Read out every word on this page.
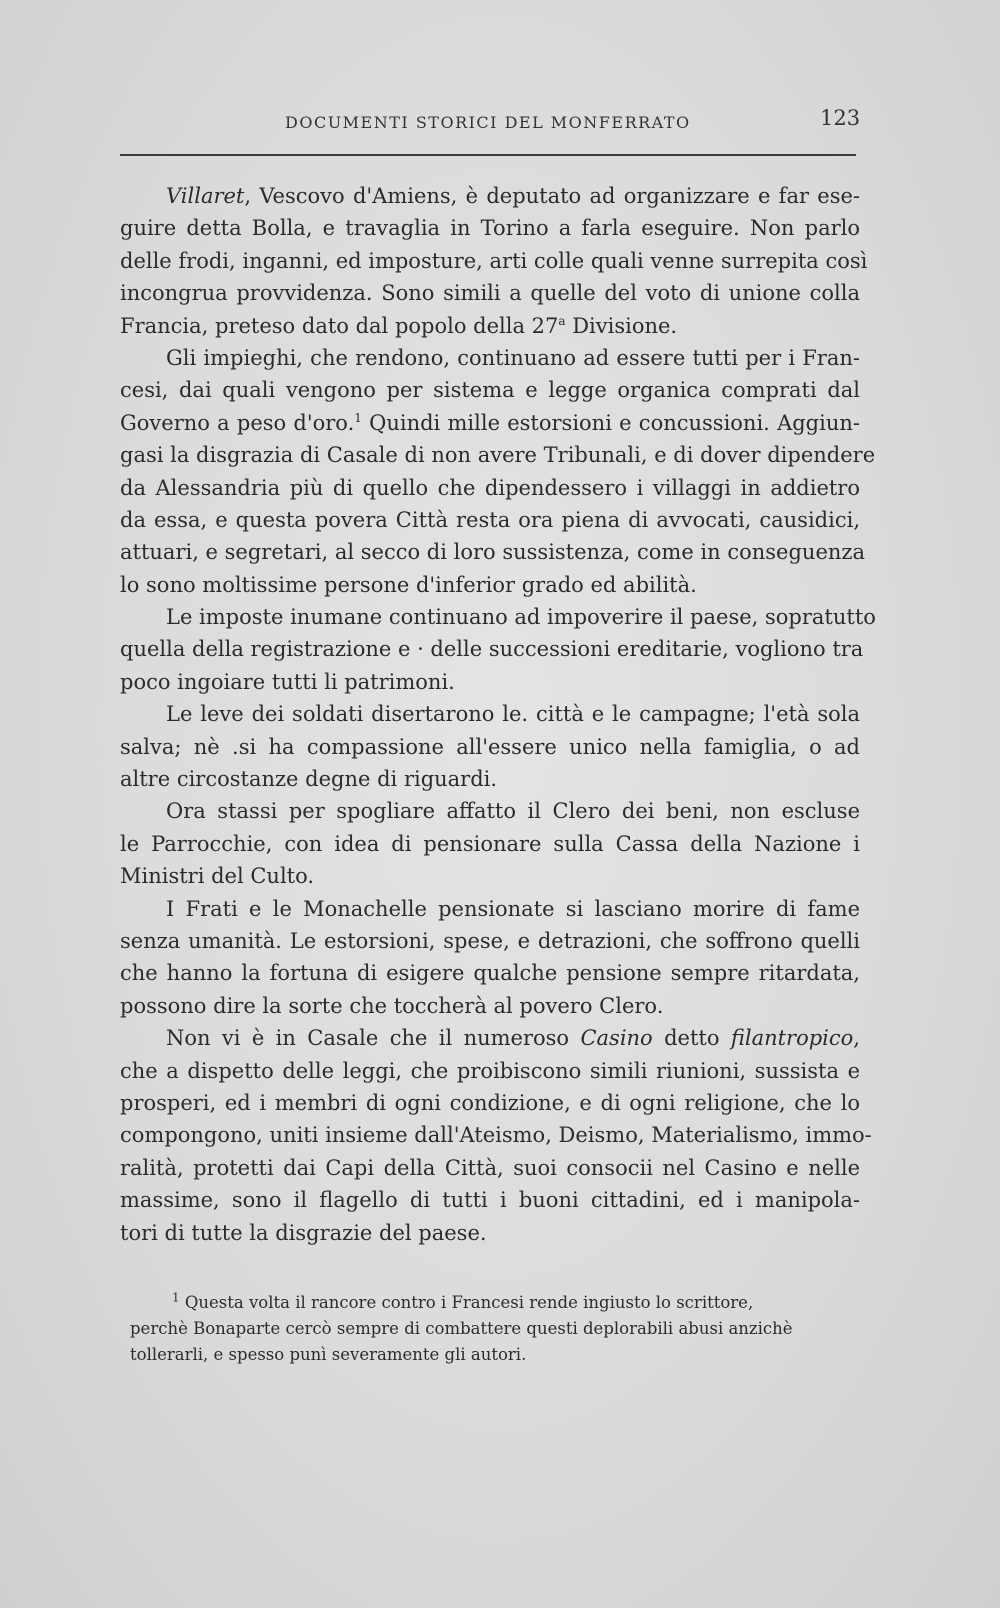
DOCUMENTI STORICI DEL MONFERRATO	123
Villaret, Vescovo d'Amiens, è deputato ad organizzare e far ese-
guire detta Bolla, e travaglia in Torino a farla eseguire. Non parlo
delle frodi, inganni, ed imposture, arti colle quali venne surrepita così
incongrua provvidenza. Sono simili a quelle del voto di unione colla
Francia, preteso dato dal popolo della 27$^a$ Divisione.
Gli impieghi, che rendono, continuano ad essere tutti per i Fran-
cesi, dai quali vengono per sistema e legge organica comprati dal
Governo a peso d'oro.$^1$ Quindi mille estorsioni e concussioni. Aggiun-
gasi la disgrazia di Casale di non avere Tribunali, e di dover dipendere
da Alessandria più di quello che dipendessero i villaggi in addietro
da essa, e questa povera Città resta ora piena di avvocati, causidici,
attuari, e segretari, al secco di loro sussistenza, come in conseguenza
lo sono moltissime persone d'inferior grado ed abilità.
Le imposte inumane continuano ad impoverire il paese, sopratutto
quella della registrazione e · delle successioni ereditarie, vogliono tra
poco ingoiare tutti li patrimoni.
Le leve dei soldati disertarono le. città e le campagne; l'età sola
salva; nè .si ha compassione all'essere unico nella famiglia, o ad
altre circostanze degne di riguardi.
Ora stassi per spogliare affatto il Clero dei beni, non escluse
le Parrocchie, con idea di pensionare sulla Cassa della Nazione i
Ministri del Culto.
I Frati e le Monachelle pensionate si lasciano morire di fame
senza umanità. Le estorsioni, spese, e detrazioni, che soffrono quelli
che hanno la fortuna di esigere qualche pensione sempre ritardata,
possono dire la sorte che toccherà al povero Clero.
Non vi è in Casale che il numeroso Casino detto filantropico,
che a dispetto delle leggi, che proibiscono simili riunioni, sussista e
prosperi, ed i membri di ogni condizione, e di ogni religione, che lo
compongono, uniti insieme dall'Ateismo, Deismo, Materialismo, immo-
ralità, protetti dai Capi della Città, suoi consocii nel Casino e nelle
massime, sono il flagello di tutti i buoni cittadini, ed i manipola-
tori di tutte la disgrazie del paese.
$^1$ Questa volta il rancore contro i Francesi rende ingiusto lo scrittore,
perchè Bonaparte cercò sempre di combattere questi deplorabili abusi anzichè
tollerarli, e spesso punì severamente gli autori.
